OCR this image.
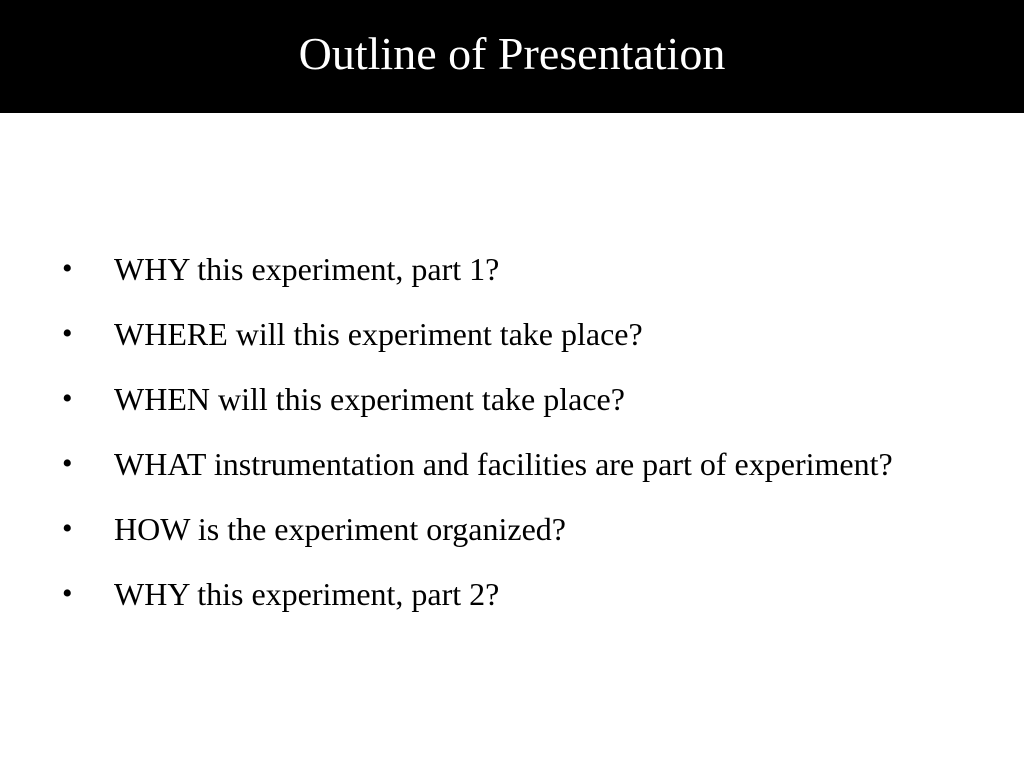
Outline of Presentation
• WHY this experiment, part 1?
• WHERE will this experiment take place?
• WHEN will this experiment take place?
• WHAT instrumentation and facilities are part of experiment?
• HOW is the experiment organized?
• WHY this experiment, part 2?
